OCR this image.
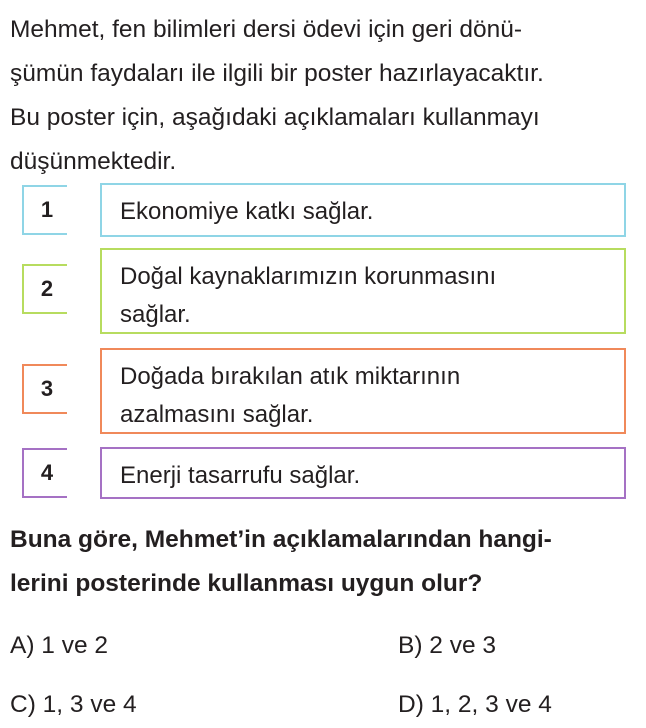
Mehmet, fen bilimleri dersi ödevi için geri dönü-
şümün faydaları ile ilgili bir poster hazırlayacaktır.
Bu poster için, aşağıdaki açıklamaları kullanmayı
düşünmektedir.
1	Ekonomiye katkı sağlar.
2	Doğal kaynaklarımızın korunmasını
sağlar.
3	Doğada bırakılan atık miktarının
azalmasını sağlar.
4	Enerji tasarrufu sağlar.
Buna göre, Mehmet’in açıklamalarından hangi-
lerini posterinde kullanması uygun olur?
A) 1 ve 2	B) 2 ve 3
C) 1, 3 ve 4	D) 1, 2, 3 ve 4
